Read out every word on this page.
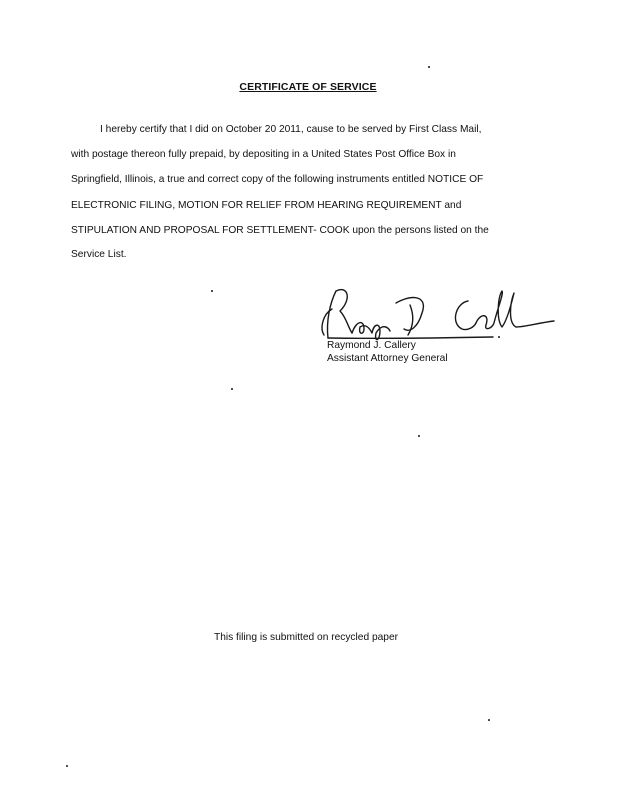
CERTIFICATE OF SERVICE
I hereby certify that I did on October 20 2011, cause to be served by First Class Mail,
with postage thereon fully prepaid, by depositing in a United States Post Office Box in
Springfield, Illinois, a true and correct copy of the following instruments entitled NOTICE OF
ELECTRONIC FILING, MOTION FOR RELIEF FROM HEARING REQUIREMENT and
STIPULATION AND PROPOSAL FOR SETTLEMENT- COOK upon the persons listed on the
Service List.
Raymond J. Callery
Assistant Attorney General
This filing is submitted on recycled paper
